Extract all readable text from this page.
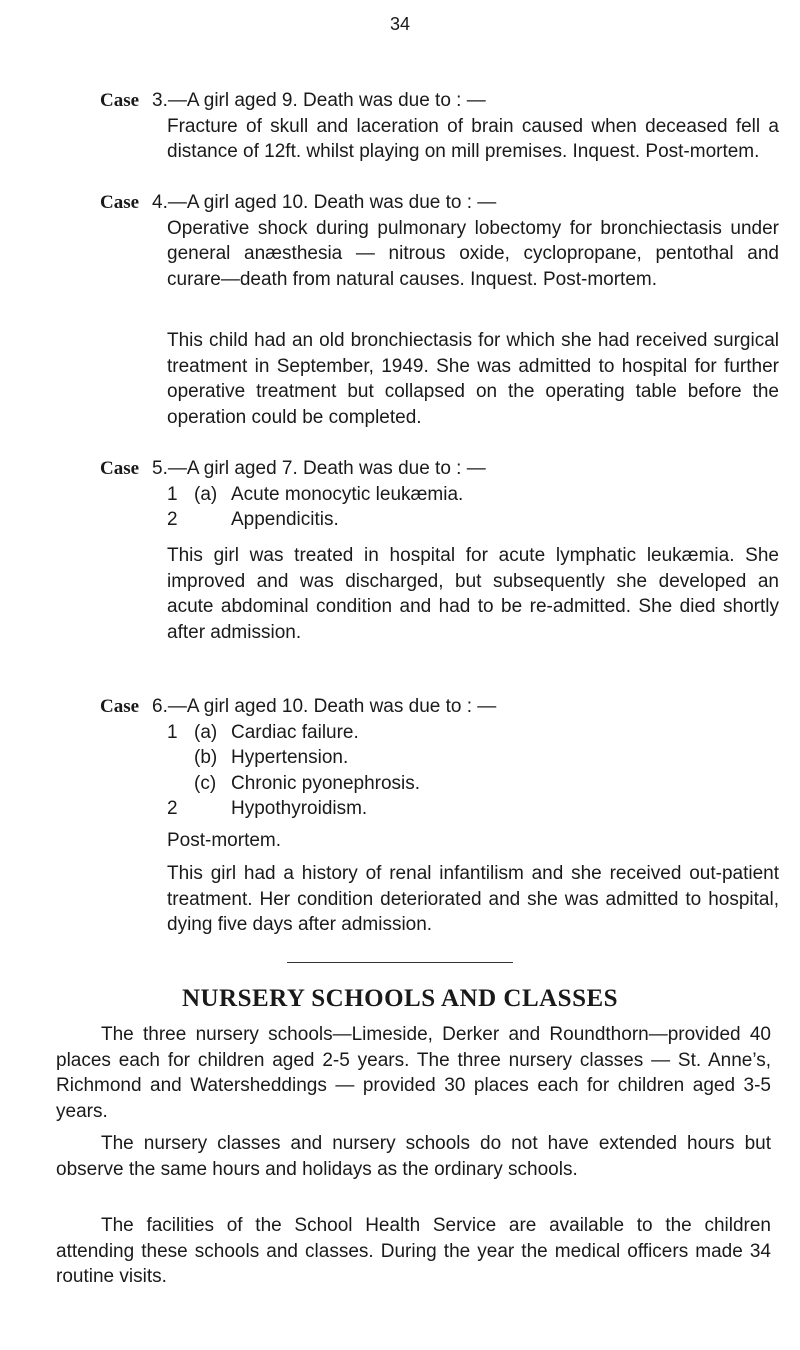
34
Case 3.—A girl aged 9. Death was due to : —

Fracture of skull and laceration of brain caused when deceased fell a distance of 12ft. whilst playing on mill premises. Inquest. Post-mortem.

Case 4.—A girl aged 10. Death was due to : —

Operative shock during pulmonary lobectomy for bronchiectasis under general anæsthesia — nitrous oxide, cyclopropane, pentothal and curare—death from natural causes. Inquest. Post-mortem.

This child had an old bronchiectasis for which she had received surgical treatment in September, 1949. She was admitted to hospital for further operative treatment but collapsed on the operating table before the operation could be completed.

Case 5.—A girl aged 7. Death was due to : —
1 (a) Acute monocytic leukæmia.
2	Appendicitis.

This girl was treated in hospital for acute lymphatic leukæmia. She improved and was discharged, but subsequently she developed an acute abdominal condition and had to be re-admitted. She died shortly after admission.

Case 6.—A girl aged 10. Death was due to : —
1 (a) Cardiac failure.
(b) Hypertension.
(c) Chronic pyonephrosis.
2	Hypothyroidism.

Post-mortem.

This girl had a history of renal infantilism and she received out-patient treatment. Her condition deteriorated and she was admitted to hospital, dying five days after admission.

NURSERY SCHOOLS AND CLASSES

The three nursery schools—Limeside, Derker and Roundthorn—provided 40 places each for children aged 2-5 years. The three nursery classes — St. Anne’s, Richmond and Watersheddings — provided 30 places each for children aged 3-5 years.

The nursery classes and nursery schools do not have extended hours but observe the same hours and holidays as the ordinary schools.

The facilities of the School Health Service are available to the children attending these schools and classes. During the year the medical officers made 34 routine visits.
